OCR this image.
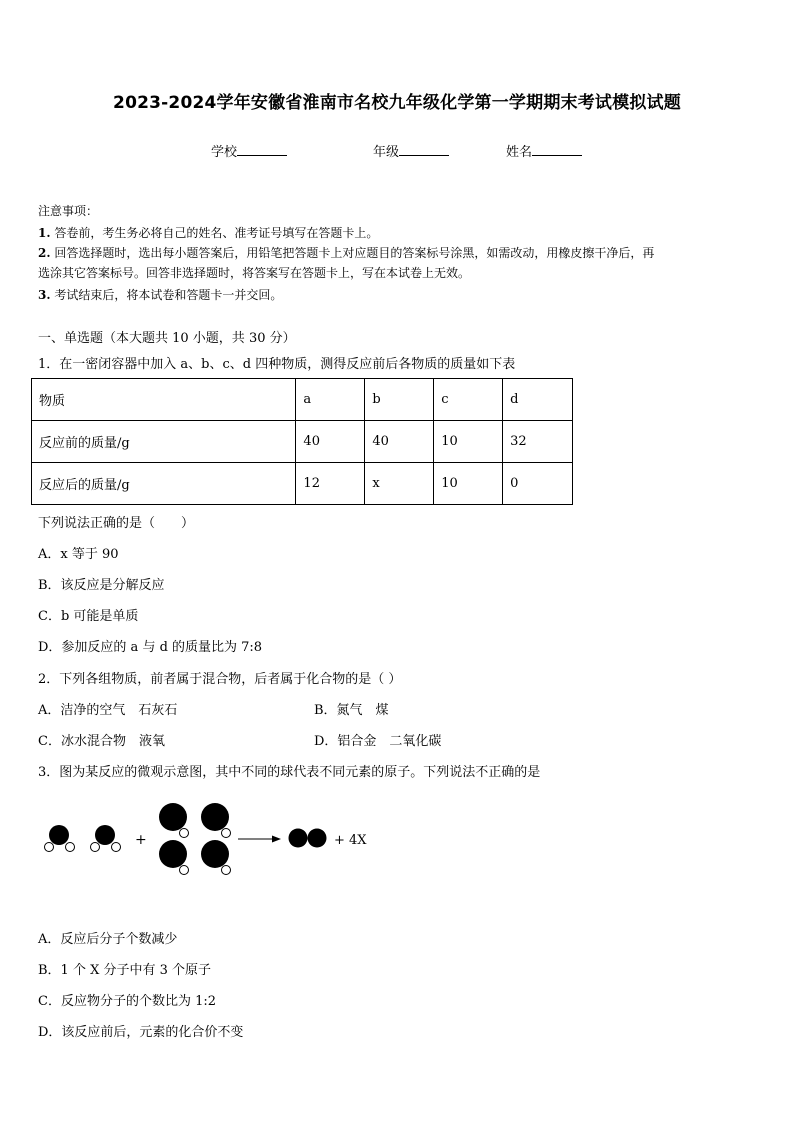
2023-2024学年安徽省淮南市名校九年级化学第一学期期末考试模拟试题
学校	年级	姓名
注意事项：
1. 答卷前，考生务必将自己的姓名、准考证号填写在答题卡上。
2. 回答选择题时，选出每小题答案后，用铅笔把答题卡上对应题目的答案标号涂黑，如需改动，用橡皮擦干净后，再
选涂其它答案标号。回答非选择题时，将答案写在答题卡上，写在本试卷上无效。
3. 考试结束后，将本试卷和答题卡一并交回。
一、单选题（本大题共 10 小题，共 30 分）
1．在一密闭容器中加入 a、b、c、d 四种物质，测得反应前后各物质的质量如下表
物质	a	b	c	d
反应前的质量/g	40	40	10	32
反应后的质量/g	12	x	10	0
下列说法正确的是（　　）
A．x 等于 90
B．该反应是分解反应
C．b 可能是单质
D．参加反应的 a 与 d 的质量比为 7:8
2．下列各组物质，前者属于混合物，后者属于化合物的是（ ）
A．洁净的空气　石灰石	B．氮气　煤
C．冰水混合物　液氧	D．铝合金　二氧化碳
3．图为某反应的微观示意图，其中不同的球代表不同元素的原子。下列说法不正确的是
+	+ 4X
A．反应后分子个数减少
B．1 个 X 分子中有 3 个原子
C．反应物分子的个数比为 1:2
D．该反应前后，元素的化合价不变
